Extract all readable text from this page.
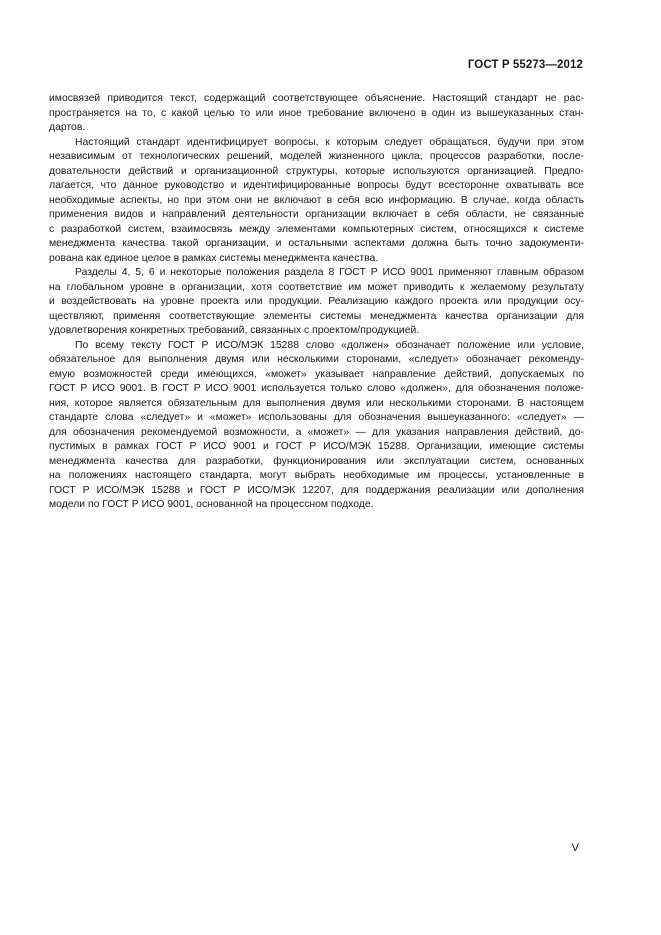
ГОСТ Р 55273—2012
имосвязей приводится текст, содержащий соответствующее объяснение. Настоящий стандарт не рас-
пространяется на то, с какой целью то или иное требование включено в один из вышеуказанных стан-
дартов.
Настоящий стандарт идентифицирует вопросы, к которым следует обращаться, будучи при этом
независимым от технологических решений, моделей жизненного цикла, процессов разработки, после-
довательности действий и организационной структуры, которые используются организацией. Предпо-
лагается, что данное руководство и идентифицированные вопросы будут всесторонне охватывать все
необходимые аспекты, но при этом они не включают в себя всю информацию. В случае, когда область
применения видов и направлений деятельности организации включает в себя области, не связанные
с разработкой систем, взаимосвязь между элементами компьютерных систем, относящихся к системе
менеджмента качества такой организации, и остальными аспектами должна быть точно задокументи-
рована как единое целое в рамках системы менеджмента качества.
Разделы 4, 5, 6 и некоторые положения раздела 8 ГОСТ Р ИСО 9001 применяют главным образом
на глобальном уровне в организации, хотя соответствие им может приводить к желаемому результату
и воздействовать на уровне проекта или продукции. Реализацию каждого проекта или продукции осу-
ществляют, применяя соответствующие элементы системы менеджмента качества организации для
удовлетворения конкретных требований, связанных с проектом/продукцией.
По всему тексту ГОСТ Р ИСО/МЭК 15288 слово «должен» обозначает положение или условие,
обязательное для выполнения двумя или несколькими сторонами, «следует» обозначает рекоменду-
емую возможностей среди имеющихся, «может» указывает направление действий, допускаемых по
ГОСТ Р ИСО 9001. В ГОСТ Р ИСО 9001 используется только слово «должен», для обозначения положе-
ния, которое является обязательным для выполнения двумя или несколькими сторонами. В настоящем
стандарте слова «следует» и «может» использованы для обозначения вышеуказанного: «следует» —
для обозначения рекомендуемой возможности, а «может» — для указания направления действий, до-
пустимых в рамках ГОСТ Р ИСО 9001 и ГОСТ Р ИСО/МЭК 15288. Организации, имеющие системы
менеджмента качества для разработки, функционирования или эксплуатации систем, основанных
на положениях настоящего стандарта, могут выбрать необходимые им процессы, установленные в
ГОСТ Р ИСО/МЭК 15288 и ГОСТ Р ИСО/МЭК 12207, для поддержания реализации или дополнения
модели по ГОСТ Р ИСО 9001, основанной на процессном подходе.
V
